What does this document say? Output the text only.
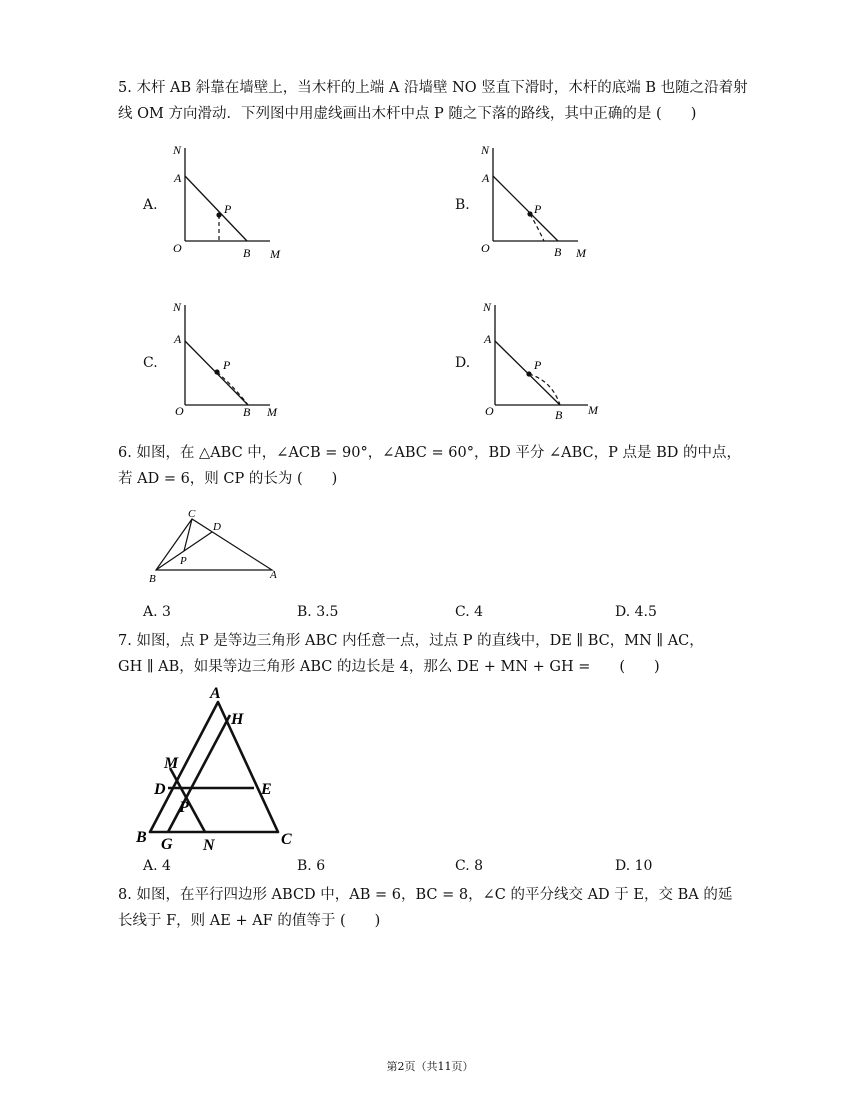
5. 木杆 AB 斜靠在墙壁上，当木杆的上端 A 沿墙壁 NO 竖直下滑时，木杆的底端 B 也随之沿着射
线 OM 方向滑动．下列图中用虚线画出木杆中点 P 随之下落的路线，其中正确的是 (　　)
A.
N
A
P
O	B M
B.
N
A
P
O	B M
C.
N
A
P
O	B M
D.
N
A
P
O	B M
6. 如图，在 △ABC 中，∠ACB = 90°，∠ABC = 60°，BD 平分 ∠ABC，P 点是 BD 的中点，
若 AD = 6，则 CP 的长为 (　　)
C
D
P
B	A
A. 3	B. 3.5	C. 4	D. 4.5
7. 如图，点 P 是等边三角形 ABC 内任意一点，过点 P 的直线中，DE ∥ BC，MN ∥ AC，
GH ∥ AB，如果等边三角形 ABC 的边长是 4，那么 DE + MN + GH =　　(　　)
A
H
M
D	E
P
B G N	C
A. 4	B. 6	C. 8	D. 10
8. 如图，在平行四边形 ABCD 中，AB = 6，BC = 8，∠C 的平分线交 AD 于 E，交 BA 的延
长线于 F，则 AE + AF 的值等于 (　　)
第2页（共11页）
